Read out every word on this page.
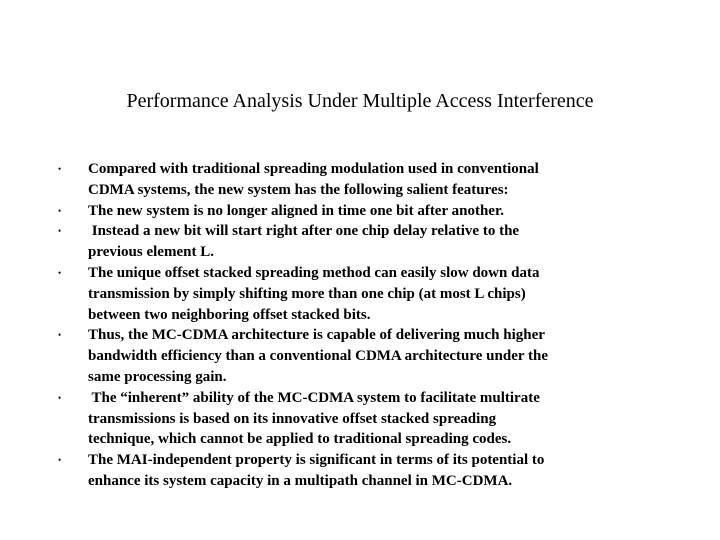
Performance Analysis Under Multiple Access Interference
• Compared with traditional spreading modulation used in conventional
CDMA systems, the new system has the following salient features:
• The new system is no longer aligned in time one bit after another.
• Instead a new bit will start right after one chip delay relative to the
previous element L.
• The unique offset stacked spreading method can easily slow down data
transmission by simply shifting more than one chip (at most L chips)
between two neighboring offset stacked bits.
• Thus, the MC-CDMA architecture is capable of delivering much higher
bandwidth efficiency than a conventional CDMA architecture under the
same processing gain.
• The “inherent” ability of the MC-CDMA system to facilitate multirate
transmissions is based on its innovative offset stacked spreading
technique, which cannot be applied to traditional spreading codes.
• The MAI-independent property is significant in terms of its potential to
enhance its system capacity in a multipath channel in MC-CDMA.
